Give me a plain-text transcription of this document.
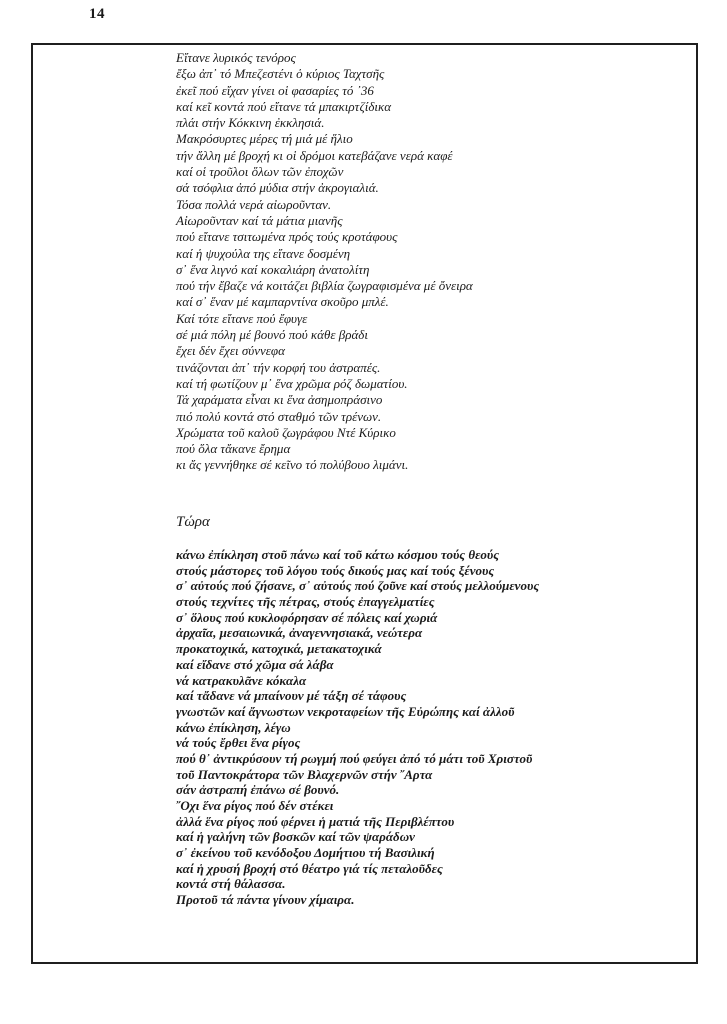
14
Εἴτανε λυρικός τενόρος
ἔξω ἀπ᾿ τό Μπεζεστένι ὁ κύριος Ταχτσῆς
ἐκεῖ πού εἴχαν γίνει οἱ φασαρίες τό ᾿36
καί κεῖ κοντά πού εἴτανε τά μπακιρτζίδικα
πλάι στήν Κόκκινη ἐκκλησιά.
Μακρόσυρτες μέρες τή μιά μέ ἥλιο
τήν ἄλλη μέ βροχή κι οἱ δρόμοι κατεβάζανε νερά καφέ
καί οἱ τροῦλοι ὅλων τῶν ἐποχῶν
σά τσόφλια ἀπό μύδια στήν ἀκρογιαλιά.
Τόσα πολλά νερά αἰωροῦνταν.
Αἰωροῦνταν καί τά μάτια μιανῆς
πού εἴτανε τσιτωμένα πρός τούς κροτάφους
καί ἡ ψυχούλα της εἴτανε δοσμένη
σ᾿ ἕνα λιγνό καί κοκαλιάρη ἀνατολίτη
πού τήν ἔβαζε νά κοιτάζει βιβλία ζωγραφισμένα μέ ὄνειρα
καί σ᾿ ἕναν μέ καμπαρντίνα σκοῦρο μπλέ.
Καί τότε εἴτανε πού ἔφυγε
σέ μιά πόλη μέ βουνό πού κάθε βράδι
ἔχει δέν ἔχει σύννεφα
τινάζονται ἀπ᾿ τήν κορφή του ἀστραπές.
καί τή φωτίζουν μ᾿ ἕνα χρῶμα ρόζ δωματίου.
Τά χαράματα εἶναι κι ἕνα ἀσημοπράσινο
πιό πολύ κοντά στό σταθμό τῶν τρένων.
Χρώματα τοῦ καλοῦ ζωγράφου Ντέ Κύρικο
πού ὅλα τἄκανε ἔρημα
κι ἄς γεννήθηκε σέ κεῖνο τό πολύβουο λιμάνι.
Τώρα
κάνω ἐπίκληση στοῦ πάνω καί τοῦ κάτω κόσμου τούς θεούς
στούς μάστορες τοῦ λόγου τούς δικούς μας καί τούς ξένους
σ᾿ αὐτούς πού ζήσανε, σ᾿ αὐτούς πού ζοῦνε καί στούς μελλούμενους
στούς τεχνίτες τῆς πέτρας, στούς ἐπαγγελματίες
σ᾿ ὅλους πού κυκλοφόρησαν σέ πόλεις καί χωριά
ἀρχαῖα, μεσαιωνικά, ἀναγεννησιακά, νεώτερα
προκατοχικά, κατοχικά, μετακατοχικά
καί εἴδανε στό χῶμα σά λάβα
νά κατρακυλᾶνε κόκαλα
καί τἄδανε νά μπαίνουν μέ τάξη σέ τάφους
γνωστῶν καί ἄγνωστων νεκροταφείων τῆς Εὐρώπης καί ἀλλοῦ
κάνω ἐπίκληση, λέγω
νά τούς ἔρθει ἕνα ρίγος
πού θ᾿ ἀντικρύσουν τή ρωγμή πού φεύγει ἀπό τό μάτι τοῦ Χριστοῦ
τοῦ Παντοκράτορα τῶν Βλαχερνῶν στήν ῎Αρτα
σάν ἀστραπή ἐπάνω σέ βουνό.
῎Οχι ἕνα ρίγος πού δέν στέκει
ἀλλά ἕνα ρίγος πού φέρνει ἡ ματιά τῆς Περιβλέπτου
καί ἡ γαλήνη τῶν βοσκῶν καί τῶν ψαράδων
σ᾿ ἐκείνου τοῦ κενόδοξου Δομήτιου τή Βασιλική
καί ἡ χρυσή βροχή στό θέατρο γιά τίς πεταλοῦδες
κοντά στή θάλασσα.
Προτοῦ τά πάντα γίνουν χίμαιρα.
